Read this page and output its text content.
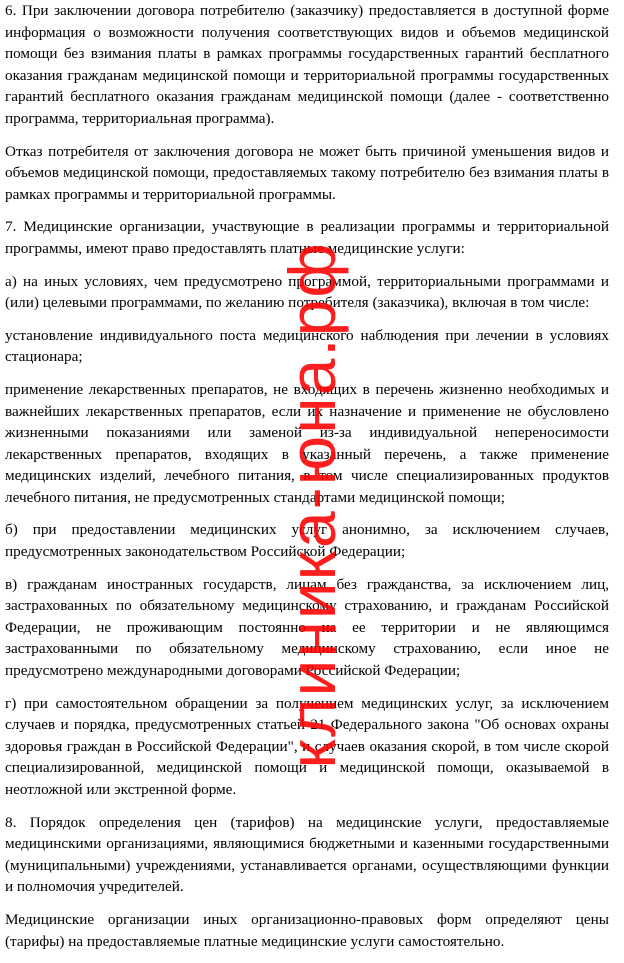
6. При заключении договора потребителю (заказчику) предоставляется в доступной форме информация о возможности получения соответствующих видов и объемов медицинской помощи без взимания платы в рамках программы государственных гарантий бесплатного оказания гражданам медицинской помощи и территориальной программы государственных гарантий бесплатного оказания гражданам медицинской помощи (далее - соответственно программа, территориальная программа).

Отказ потребителя от заключения договора не может быть причиной уменьшения видов и объемов медицинской помощи, предоставляемых такому потребителю без взимания платы в рамках программы и территориальной программы.

7. Медицинские организации, участвующие в реализации программы и территориальной программы, имеют право предоставлять платные медицинские услуги:

а) на иных условиях, чем предусмотрено программой, территориальными программами и (или) целевыми программами, по желанию потребителя (заказчика), включая в том числе:

установление индивидуального поста медицинского наблюдения при лечении в условиях стационара;

применение лекарственных препаратов, не входящих в перечень жизненно необходимых и важнейших лекарственных препаратов, если их назначение и применение не обусловлено жизненными показаниями или заменой из-за индивидуальной непереносимости лекарственных препаратов, входящих в указанный перечень, а также применение медицинских изделий, лечебного питания, в том числе специализированных продуктов лечебного питания, не предусмотренных стандартами медицинской помощи;

б) при предоставлении медицинских услуг анонимно, за исключением случаев, предусмотренных законодательством Российской Федерации;

в) гражданам иностранных государств, лицам без гражданства, за исключением лиц, застрахованных по обязательному медицинскому страхованию, и гражданам Российской Федерации, не проживающим постоянно на ее территории и не являющимся застрахованными по обязательному медицинскому страхованию, если иное не предусмотрено международными договорами Российской Федерации;

г) при самостоятельном обращении за получением медицинских услуг, за исключением случаев и порядка, предусмотренных статьей 21 Федерального закона "Об основах охраны здоровья граждан в Российской Федерации", и случаев оказания скорой, в том числе скорой специализированной, медицинской помощи и медицинской помощи, оказываемой в неотложной или экстренной форме.

8. Порядок определения цен (тарифов) на медицинские услуги, предоставляемые медицинскими организациями, являющимися бюджетными и казенными государственными (муниципальными) учреждениями, устанавливается органами, осуществляющими функции и полномочия учредителей.

Медицинские организации иных организационно-правовых форм определяют цены (тарифы) на предоставляемые платные медицинские услуги самостоятельно.

клиника-юна.рф
